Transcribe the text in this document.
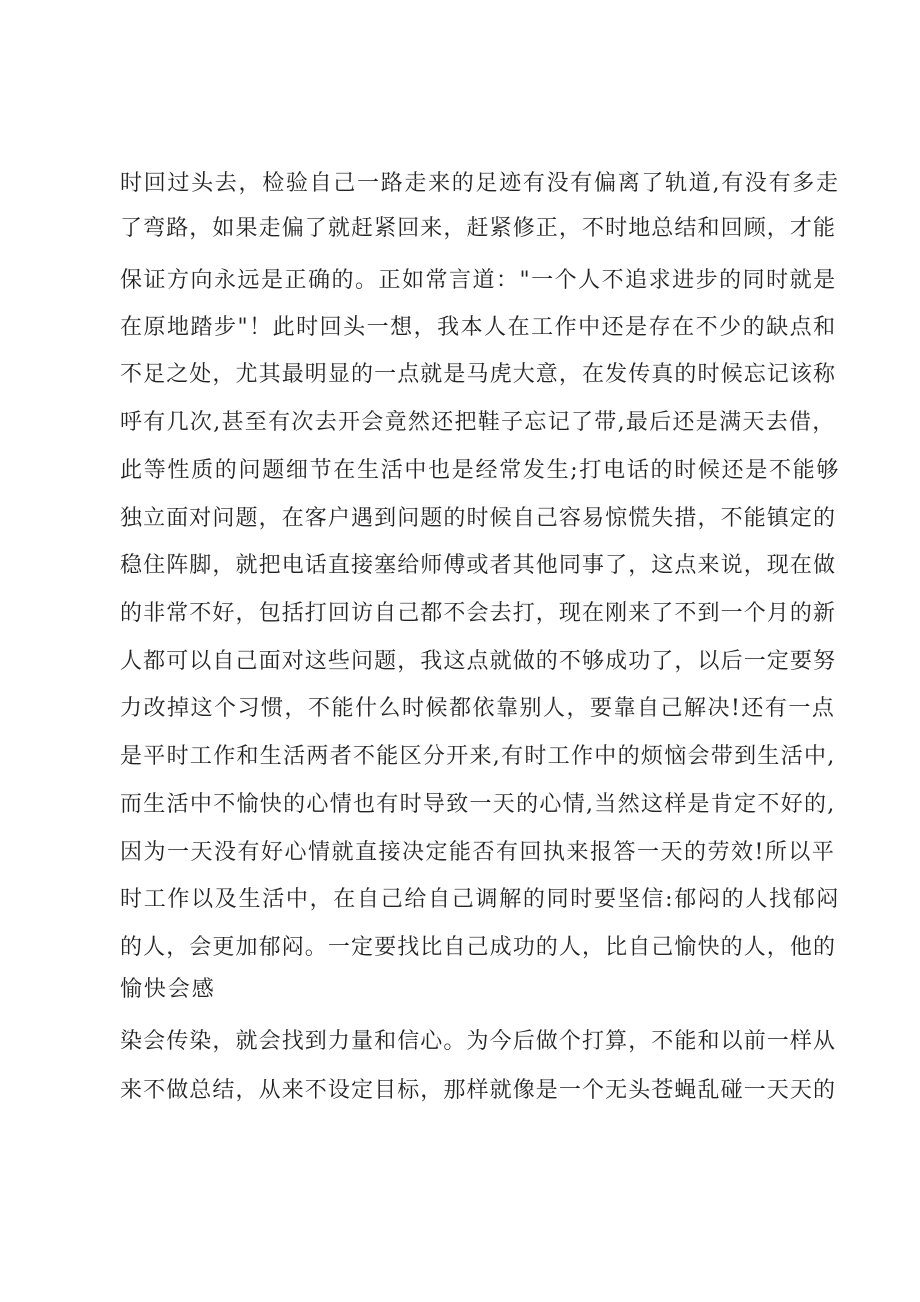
时回过头去，检验自己一路走来的足迹有没有偏离了轨道,有没有多走
了弯路，如果走偏了就赶紧回来，赶紧修正，不时地总结和回顾，才能
保证方向永远是正确的。正如常言道："一个人不追求进步的同时就是
在原地踏步"！此时回头一想，我本人在工作中还是存在不少的缺点和
不足之处，尤其最明显的一点就是马虎大意，在发传真的时候忘记该称
呼有几次,甚至有次去开会竟然还把鞋子忘记了带,最后还是满天去借，
此等性质的问题细节在生活中也是经常发生;打电话的时候还是不能够
独立面对问题，在客户遇到问题的时候自己容易惊慌失措，不能镇定的
稳住阵脚，就把电话直接塞给师傅或者其他同事了，这点来说，现在做
的非常不好，包括打回访自己都不会去打，现在刚来了不到一个月的新
人都可以自己面对这些问题，我这点就做的不够成功了，以后一定要努
力改掉这个习惯，不能什么时候都依靠别人，要靠自己解决!还有一点
是平时工作和生活两者不能区分开来,有时工作中的烦恼会带到生活中,
而生活中不愉快的心情也有时导致一天的心情,当然这样是肯定不好的,
因为一天没有好心情就直接决定能否有回执来报答一天的劳效!所以平
时工作以及生活中，在自己给自己调解的同时要坚信:郁闷的人找郁闷
的人，会更加郁闷。一定要找比自己成功的人，比自己愉快的人，他的
愉快会感
染会传染，就会找到力量和信心。为今后做个打算，不能和以前一样从
来不做总结，从来不设定目标，那样就像是一个无头苍蝇乱碰一天天的
